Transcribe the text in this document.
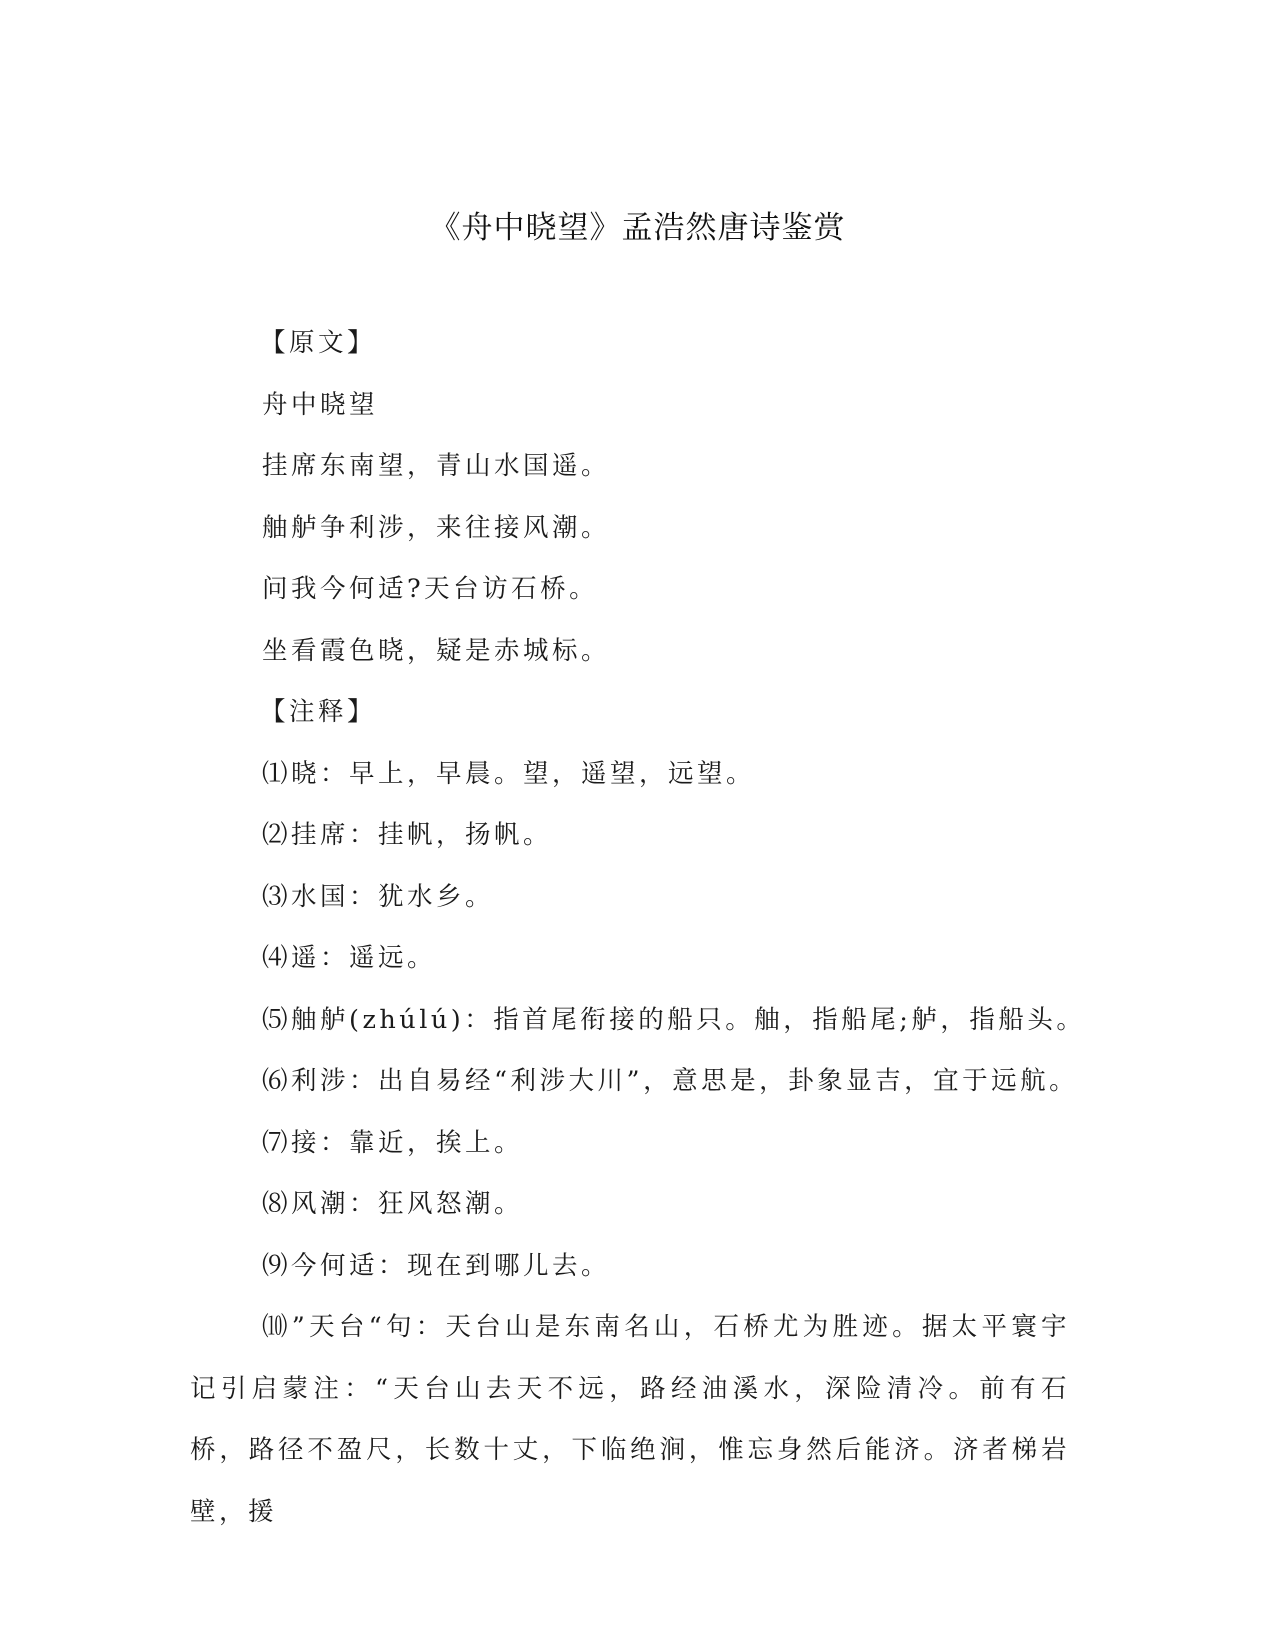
《舟中晓望》孟浩然唐诗鉴赏
【原文】
舟中晓望
挂席东南望，青山水国遥。
舳舻争利涉，来往接风潮。
问我今何适?天台访石桥。
坐看霞色晓，疑是赤城标。
【注释】
⑴晓：早上，早晨。望，遥望，远望。
⑵挂席：挂帆，扬帆。
⑶水国：犹水乡。
⑷遥：遥远。
⑸舳舻(zhúlú)：指首尾衔接的船只。舳，指船尾;舻，指船头。
⑹利涉：出自易经“利涉大川”，意思是，卦象显吉，宜于远航。
⑺接：靠近，挨上。
⑻风潮：狂风怒潮。
⑼今何适：现在到哪儿去。
⑽”天台“句：天台山是东南名山，石桥尤为胜迹。据太平寰宇记引启蒙注：“天台山去天不远，路经油溪水，深险清冷。前有石桥，路径不盈尺，长数十丈，下临绝涧，惟忘身然后能济。济者梯岩壁，援
